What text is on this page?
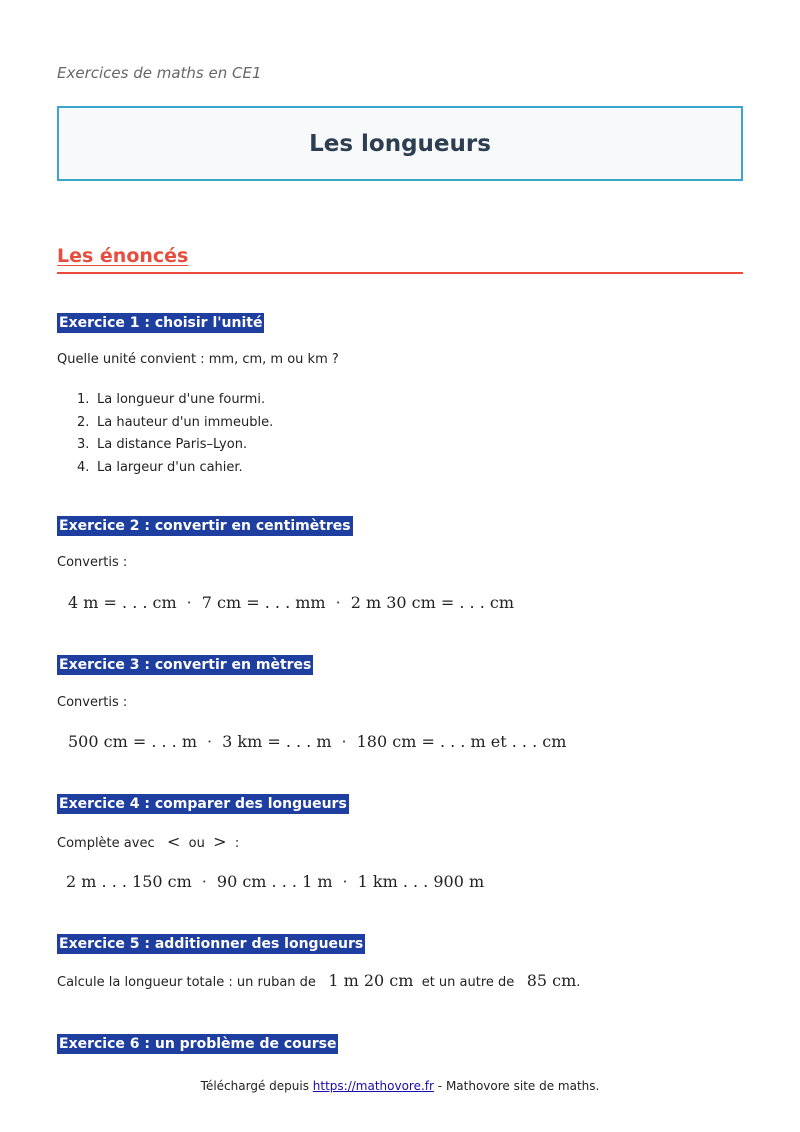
Exercices de maths en CE1
Les longueurs
Les énoncés
Exercice 1 : choisir l'unité
Quelle unité convient : mm, cm, m ou km ?
1. La longueur d'une fourmi.
2. La hauteur d'un immeuble.
3. La distance Paris–Lyon.
4. La largeur d'un cahier.
Exercice 2 : convertir en centimètres
Convertis :
4 m = . . . cm · 7 cm = . . . mm · 2 m 30 cm = . . . cm
Exercice 3 : convertir en mètres
Convertis :
500 cm = . . . m · 3 km = . . . m · 180 cm = . . . m et . . . cm
Exercice 4 : comparer des longueurs
Complète avec < ou > :
2 m . . . 150 cm · 90 cm . . . 1 m · 1 km . . . 900 m
Exercice 5 : additionner des longueurs
Calcule la longueur totale : un ruban de 1 m 20 cm et un autre de 85 cm.
Exercice 6 : un problème de course
Téléchargé depuis https://mathovore.fr - Mathovore site de maths.
